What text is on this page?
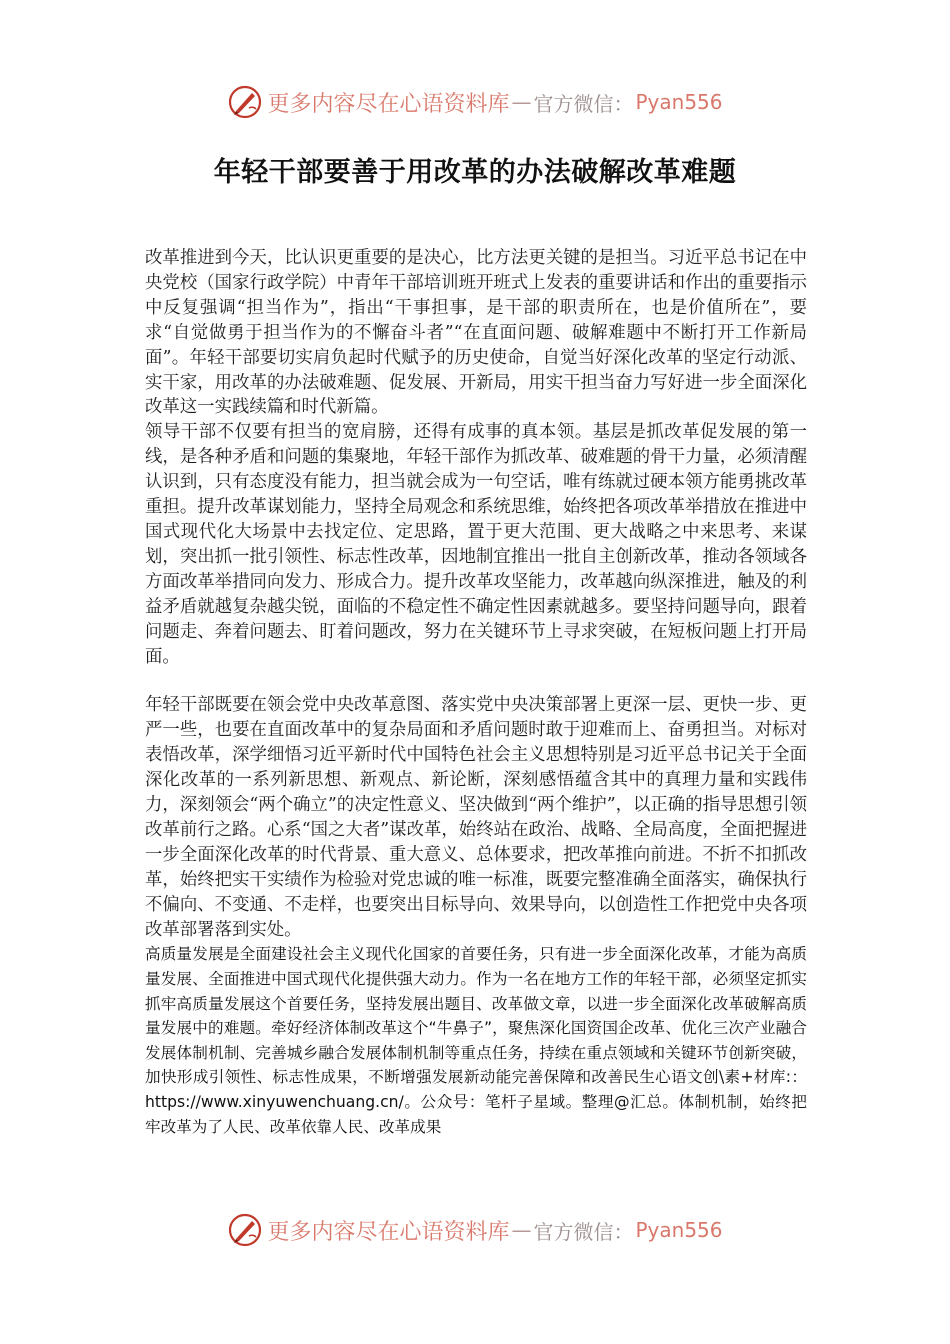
更多内容尽在心语资料库 — 官方微信： Pyan556
年轻干部要善于用改革的办法破解改革难题

改革推进到今天，比认识更重要的是决心，比方法更关键的是担当。习近平总书记在中央党校（国家行政学院）中青年干部培训班开班式上发表的重要讲话和作出的重要指示中反复强调“担当作为”，指出“干事担事，是干部的职责所在，也是价值所在”，要求“自觉做勇于担当作为的不懈奋斗者”“在直面问题、破解难题中不断打开工作新局面”。年轻干部要切实肩负起时代赋予的历史使命，自觉当好深化改革的坚定行动派、实干家，用改革的办法破难题、促发展、开新局，用实干担当奋力写好进一步全面深化改革这一实践续篇和时代新篇。

领导干部不仅要有担当的宽肩膀，还得有成事的真本领。基层是抓改革促发展的第一线，是各种矛盾和问题的集聚地，年轻干部作为抓改革、破难题的骨干力量，必须清醒认识到，只有态度没有能力，担当就会成为一句空话，唯有练就过硬本领方能勇挑改革重担。提升改革谋划能力，坚持全局观念和系统思维，始终把各项改革举措放在推进中国式现代化大场景中去找定位、定思路，置于更大范围、更大战略之中来思考、来谋划，突出抓一批引领性、标志性改革，因地制宜推出一批自主创新改革，推动各领域各方面改革举措同向发力、形成合力。提升改革攻坚能力，改革越向纵深推进，触及的利益矛盾就越复杂越尖锐，面临的不稳定性不确定性因素就越多。要坚持问题导向，跟着问题走、奔着问题去、盯着问题改，努力在关键环节上寻求突破，在短板问题上打开局面。

年轻干部既要在领会党中央改革意图、落实党中央决策部署上更深一层、更快一步、更严一些，也要在直面改革中的复杂局面和矛盾问题时敢于迎难而上、奋勇担当。对标对表悟改革，深学细悟习近平新时代中国特色社会主义思想特别是习近平总书记关于全面深化改革的一系列新思想、新观点、新论断，深刻感悟蕴含其中的真理力量和实践伟力，深刻领会“两个确立”的决定性意义、坚决做到“两个维护”，以正确的指导思想引领改革前行之路。心系“国之大者”谋改革，始终站在政治、战略、全局高度，全面把握进一步全面深化改革的时代背景、重大意义、总体要求，把改革推向前进。不折不扣抓改革，始终把实干实绩作为检验对党忠诚的唯一标准，既要完整准确全面落实，确保执行不偏向、不变通、不走样，也要突出目标导向、效果导向，以创造性工作把党中央各项改革部署落到实处。

高质量发展是全面建设社会主义现代化国家的首要任务，只有进一步全面深化改革，才能为高质量发展、全面推进中国式现代化提供强大动力。作为一名在地方工作的年轻干部，必须坚定抓实抓牢高质量发展这个首要任务，坚持发展出题目、改革做文章，以进一步全面深化改革破解高质量发展中的难题。牵好经济体制改革这个“牛鼻子”，聚焦深化国资国企改革、优化三次产业融合发展体制机制、完善城乡融合发展体制机制等重点任务，持续在重点领域和关键环节创新突破，加快形成引领性、标志性成果，不断增强发展新动能完善保障和改善民生心语文创\素+材库:：https://www.xinyuwenchuang.cn/。公众号：笔杆子星域。整理@汇总。体制机制，始终把牢改革为了人民、改革依靠人民、改革成果

更多内容尽在心语资料库 — 官方微信： Pyan556
